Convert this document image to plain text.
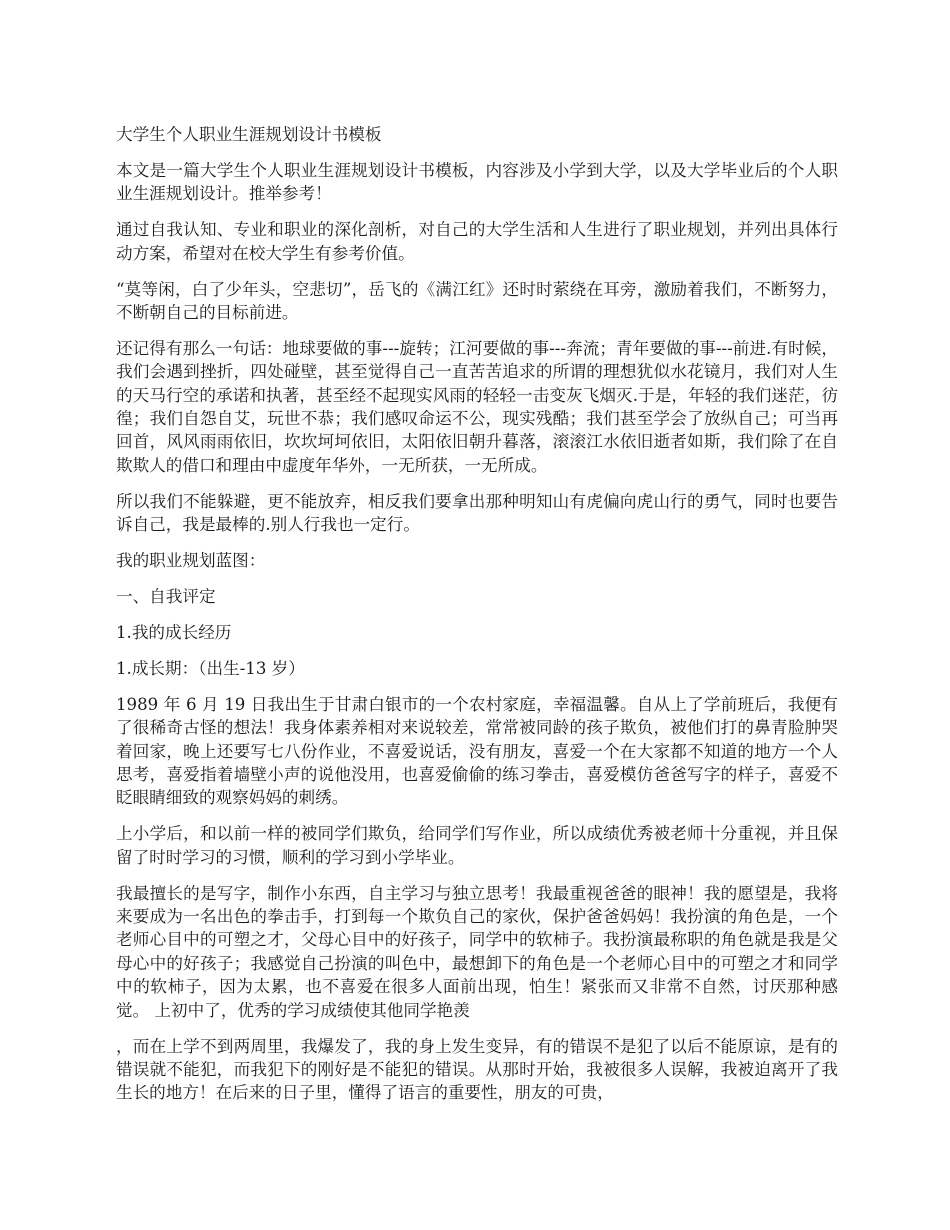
大学生个人职业生涯规划设计书模板

本文是一篇大学生个人职业生涯规划设计书模板，内容涉及小学到大学，以及大学毕业后的个人职业生涯规划设计。推举参考！

通过自我认知、专业和职业的深化剖析，对自己的大学生活和人生进行了职业规划，并列出具体行动方案，希望对在校大学生有参考价值。

“莫等闲，白了少年头，空悲切”，岳飞的《满江红》还时时萦绕在耳旁，激励着我们，不断努力，不断朝自己的目标前进。

还记得有那么一句话：地球要做的事---旋转；江河要做的事---奔流；青年要做的事---前进.有时候，我们会遇到挫折，四处碰壁，甚至觉得自己一直苦苦追求的所谓的理想犹似水花镜月，我们对人生的天马行空的承诺和执著，甚至经不起现实风雨的轻轻一击变灰飞烟灭.于是，年轻的我们迷茫，彷徨；我们自怨自艾，玩世不恭；我们感叹命运不公，现实残酷；我们甚至学会了放纵自己；可当再回首，风风雨雨依旧，坎坎坷坷依旧，太阳依旧朝升暮落，滚滚江水依旧逝者如斯，我们除了在自欺欺人的借口和理由中虚度年华外，一无所获，一无所成。

所以我们不能躲避，更不能放弃，相反我们要拿出那种明知山有虎偏向虎山行的勇气，同时也要告诉自己，我是最棒的.别人行我也一定行。

我的职业规划蓝图：

一、自我评定

1.我的成长经历

1.成长期：（出生-13 岁）

1989 年 6 月 19 日我出生于甘肃白银市的一个农村家庭，幸福温馨。自从上了学前班后，我便有了很稀奇古怪的想法！我身体素养相对来说较差，常常被同龄的孩子欺负，被他们打的鼻青脸肿哭着回家，晚上还要写七八份作业，不喜爱说话，没有朋友，喜爱一个在大家都不知道的地方一个人思考，喜爱指着墙壁小声的说他没用，也喜爱偷偷的练习拳击，喜爱模仿爸爸写字的样子，喜爱不眨眼睛细致的观察妈妈的刺绣。

上小学后，和以前一样的被同学们欺负，给同学们写作业，所以成绩优秀被老师十分重视，并且保留了时时学习的习惯，顺利的学习到小学毕业。

我最擅长的是写字，制作小东西，自主学习与独立思考！我最重视爸爸的眼神！我的愿望是，我将来要成为一名出色的拳击手，打到每一个欺负自己的家伙，保护爸爸妈妈！我扮演的角色是，一个老师心目中的可塑之才，父母心目中的好孩子，同学中的软柿子。我扮演最称职的角色就是我是父母心中的好孩子；我感觉自己扮演的叫色中，最想卸下的角色是一个老师心目中的可塑之才和同学中的软柿子，因为太累，也不喜爱在很多人面前出现，怕生！紧张而又非常不自然，讨厌那种感觉。 上初中了，优秀的学习成绩使其他同学艳羡

，而在上学不到两周里，我爆发了，我的身上发生变异，有的错误不是犯了以后不能原谅，是有的错误就不能犯，而我犯下的刚好是不能犯的错误。从那时开始，我被很多人误解，我被迫离开了我生长的地方！在后来的日子里，懂得了语言的重要性，朋友的可贵，
